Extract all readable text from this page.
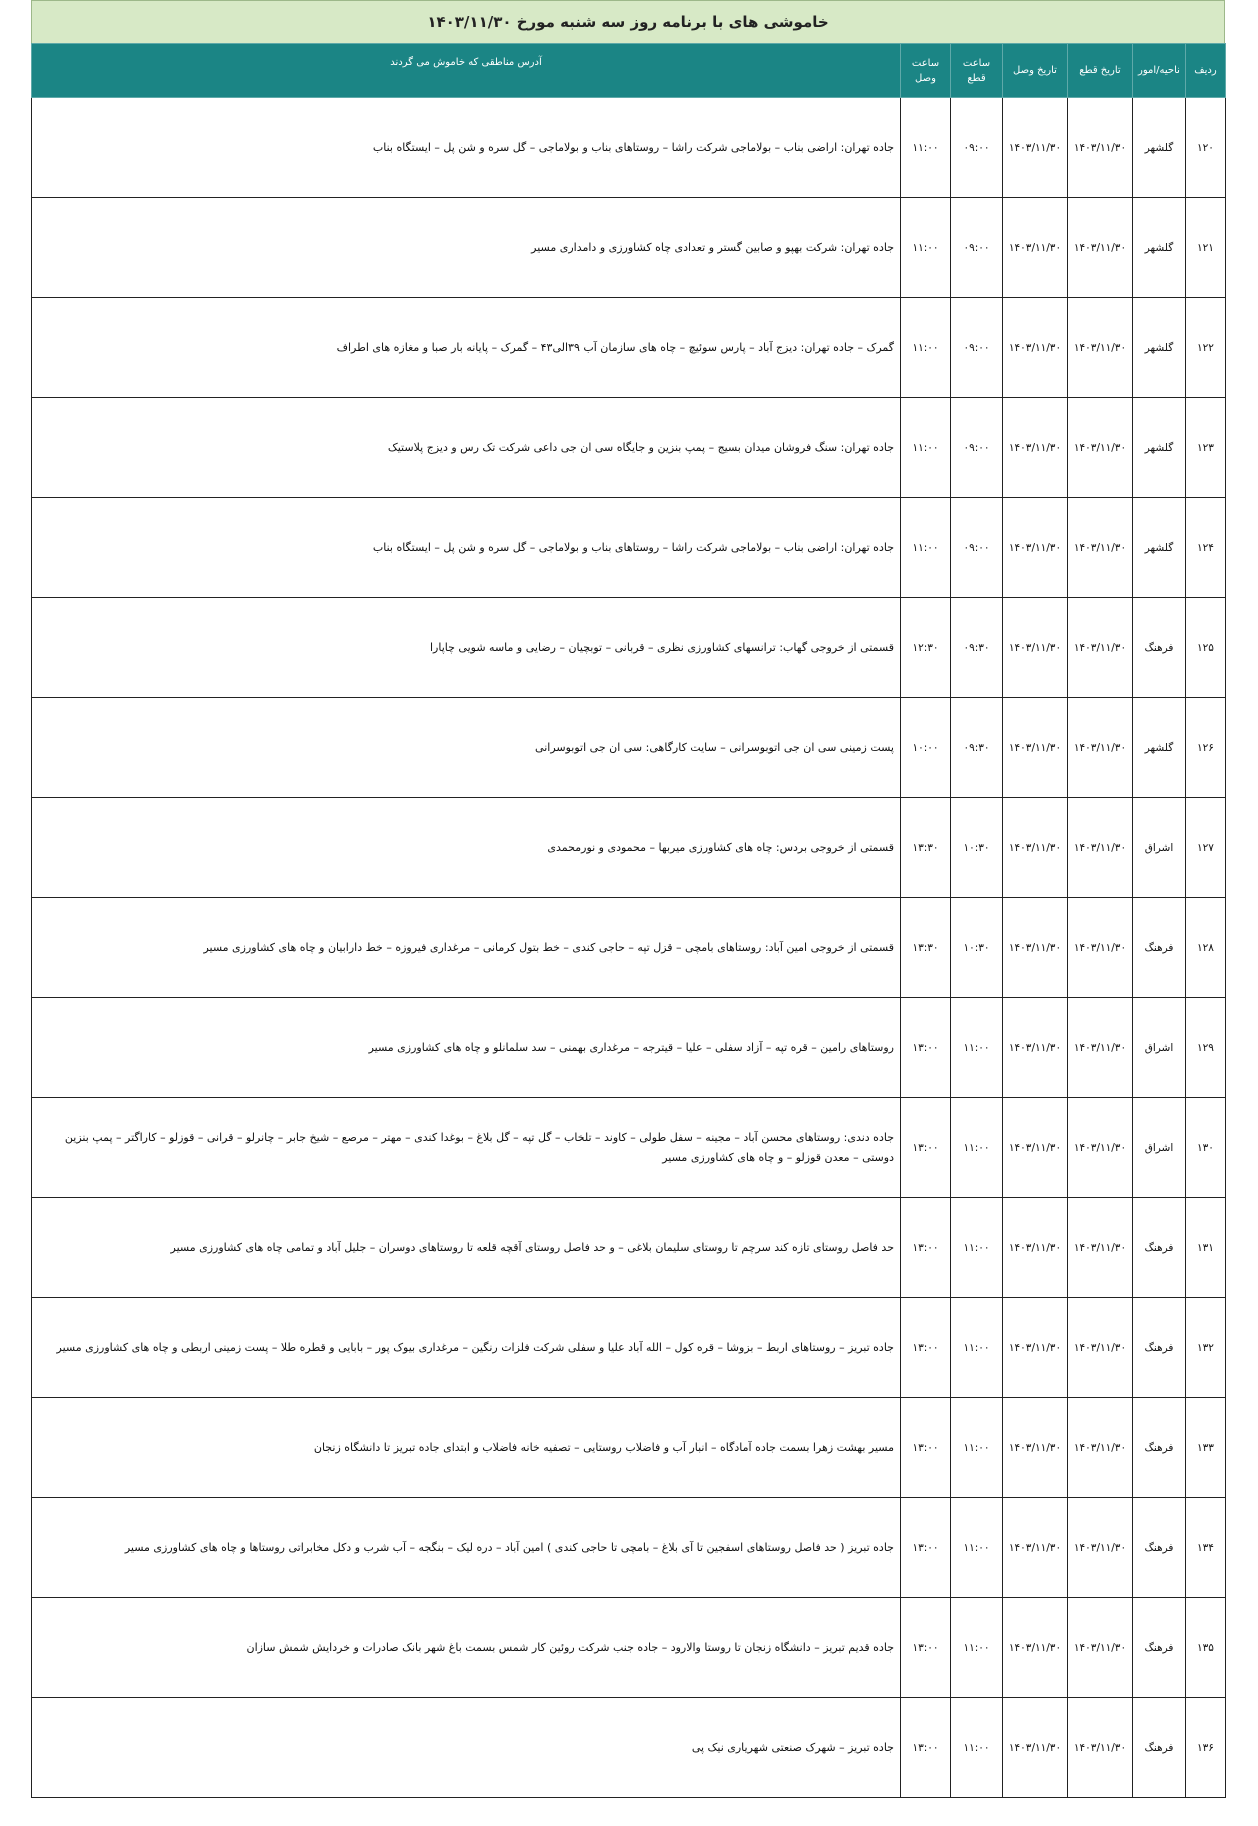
خاموشی های با برنامه روز سه شنبه مورخ ۱۴۰۳/۱۱/۳۰
ردیف	ناحیه/امور	تاریخ قطع	تاریخ وصل	ساعت قطع	ساعت وصل	آدرس مناطقی که خاموش می گردند
۱۲۰	گلشهر	۱۴۰۳/۱۱/۳۰	۱۴۰۳/۱۱/۳۰	۰۹:۰۰	۱۱:۰۰	جاده تهران: اراضی بناب – بولاماجی شرکت راشا – روستاهای بناب و بولاماجی – گل سره و شن پل – ایستگاه بناب
۱۲۱	گلشهر	۱۴۰۳/۱۱/۳۰	۱۴۰۳/۱۱/۳۰	۰۹:۰۰	۱۱:۰۰	جاده تهران: شرکت بهپو و صابین گستر و تعدادی چاه کشاورزی و دامداری مسیر
۱۲۲	گلشهر	۱۴۰۳/۱۱/۳۰	۱۴۰۳/۱۱/۳۰	۰۹:۰۰	۱۱:۰۰	گمرک – جاده تهران: دیزج آباد – پارس سوئیچ – چاه های سازمان آب ۳۹الی۴۳ – گمرک – پایانه بار صبا و مغازه های اطراف
۱۲۳	گلشهر	۱۴۰۳/۱۱/۳۰	۱۴۰۳/۱۱/۳۰	۰۹:۰۰	۱۱:۰۰	جاده تهران: سنگ فروشان میدان بسیج – پمپ بنزین و جایگاه سی ان جی داعی شرکت تک رس و دیزج پلاستیک
۱۲۴	گلشهر	۱۴۰۳/۱۱/۳۰	۱۴۰۳/۱۱/۳۰	۰۹:۰۰	۱۱:۰۰	جاده تهران: اراضی بناب – بولاماجی شرکت راشا – روستاهای بناب و بولاماجی – گل سره و شن پل – ایستگاه بناب
۱۲۵	فرهنگ	۱۴۰۳/۱۱/۳۰	۱۴۰۳/۱۱/۳۰	۰۹:۳۰	۱۲:۳۰	قسمتی از خروجی گهاب: ترانسهای کشاورزی نظری – قربانی – توبچیان – رضایی و ماسه شویی چاپارا
۱۲۶	گلشهر	۱۴۰۳/۱۱/۳۰	۱۴۰۳/۱۱/۳۰	۰۹:۳۰	۱۰:۰۰	پست زمینی سی ان جی اتوبوسرانی – سایت کارگاهی: سی ان جی اتوبوسرانی
۱۲۷	اشراق	۱۴۰۳/۱۱/۳۰	۱۴۰۳/۱۱/۳۰	۱۰:۳۰	۱۳:۳۰	قسمتی از خروجی بردس: چاه های کشاورزی میربها – محمودی و نورمحمدی
۱۲۸	فرهنگ	۱۴۰۳/۱۱/۳۰	۱۴۰۳/۱۱/۳۰	۱۰:۳۰	۱۳:۳۰	قسمتی از خروجی امین آباد: روستاهای بامچی – قزل تپه – حاجی کندی – خط بتول کرمانی – مرغداری فیروزه – خط دارابیان و چاه های کشاورزی مسیر
۱۲۹	اشراق	۱۴۰۳/۱۱/۳۰	۱۴۰۳/۱۱/۳۰	۱۱:۰۰	۱۳:۰۰	روستاهای رامین – قره تپه – آزاد سفلی – علیا – قیترجه – مرغداری بهمنی – سد سلمانلو و چاه های کشاورزی مسیر
۱۳۰	اشراق	۱۴۰۳/۱۱/۳۰	۱۴۰۳/۱۱/۳۰	۱۱:۰۰	۱۳:۰۰	جاده دندی: روستاهای محسن آباد – مجینه – سفل طولی – کاوند – تلخاب – گل تپه – گل بلاغ – بوغدا کندی – مهتر – مرصع – شیخ جابر – چانرلو – قرانی – قوزلو – کاراگتر – پمپ بنزین دوستی – معدن قوزلو – و چاه های کشاورزی مسیر
۱۳۱	فرهنگ	۱۴۰۳/۱۱/۳۰	۱۴۰۳/۱۱/۳۰	۱۱:۰۰	۱۳:۰۰	حد فاصل روستای تازه کند سرچم تا روستای سلیمان بلاغی – و حد فاصل روستای آقچه قلعه تا روستاهای دوسران – جلیل آباد و تمامی چاه های کشاورزی مسیر
۱۳۲	فرهنگ	۱۴۰۳/۱۱/۳۰	۱۴۰۳/۱۱/۳۰	۱۱:۰۰	۱۳:۰۰	جاده تبریز – روستاهای اربط – بزوشا – قره کول – الله آباد علیا و سفلی شرکت فلزات رنگین – مرغداری بیوک پور – بابایی و قطره طلا – پست زمینی اربطی و چاه های کشاورزی مسیر
۱۳۳	فرهنگ	۱۴۰۳/۱۱/۳۰	۱۴۰۳/۱۱/۳۰	۱۱:۰۰	۱۳:۰۰	مسیر بهشت زهرا بسمت جاده آمادگاه – انبار آب و فاضلاب روستایی – تصفیه خانه فاضلاب و ابتدای جاده تبریز تا دانشگاه زنجان
۱۳۴	فرهنگ	۱۴۰۳/۱۱/۳۰	۱۴۰۳/۱۱/۳۰	۱۱:۰۰	۱۳:۰۰	جاده تبریز ( حد فاصل روستاهای اسفجین تا آی بلاغ – بامچی تا حاجی کندی ) امین آباد – دره لیک – بنگجه – آب شرب و دکل مخابراتی روستاها و چاه های کشاورزی مسیر
۱۳۵	فرهنگ	۱۴۰۳/۱۱/۳۰	۱۴۰۳/۱۱/۳۰	۱۱:۰۰	۱۳:۰۰	جاده قدیم تبریز – دانشگاه زنجان تا روستا والارود – جاده جنب شرکت روئین کار شمس بسمت باغ شهر بانک صادرات و خردایش شمش سازان
۱۳۶	فرهنگ	۱۴۰۳/۱۱/۳۰	۱۴۰۳/۱۱/۳۰	۱۱:۰۰	۱۳:۰۰	جاده تبریز – شهرک صنعتی شهریاری نیک پی
